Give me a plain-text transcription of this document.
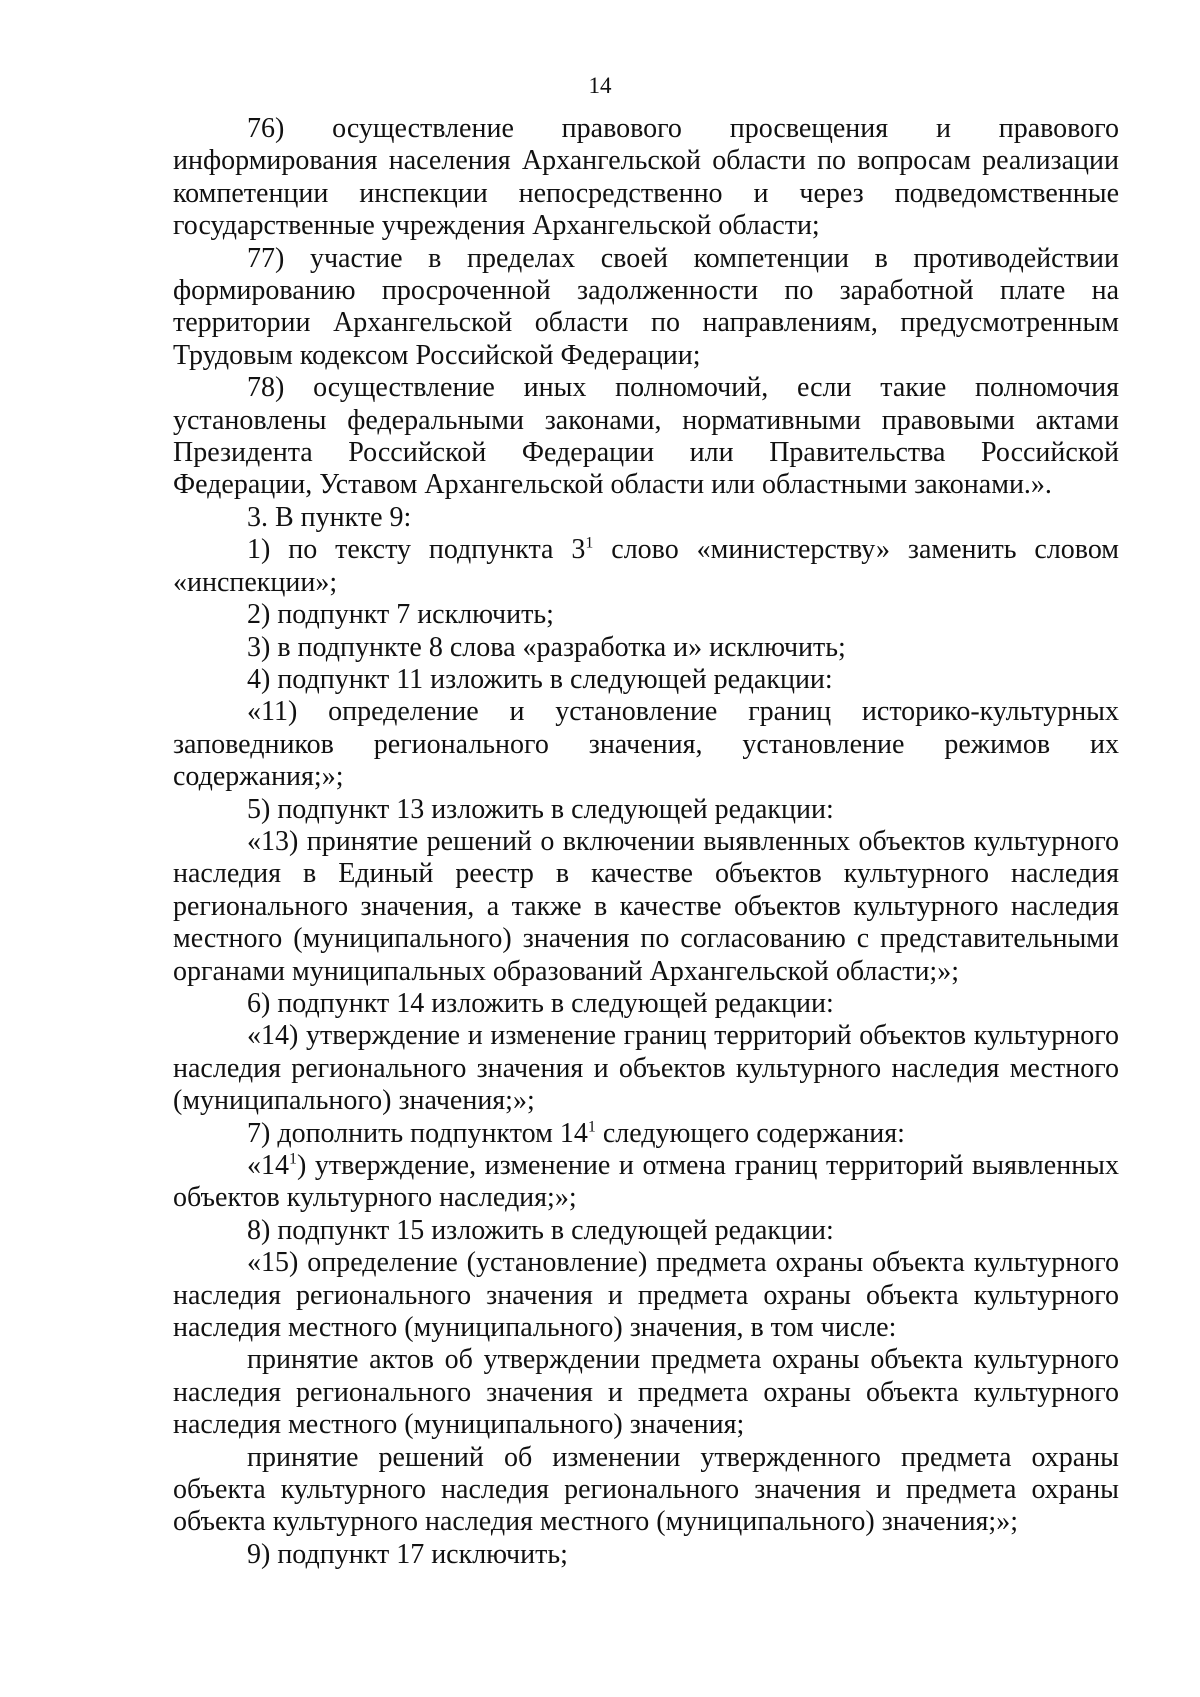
14

76) осуществление правового просвещения и правового информирования населения Архангельской области по вопросам реализации компетенции инспекции непосредственно и через подведомственные государственные учреждения Архангельской области;

77) участие в пределах своей компетенции в противодействии формированию просроченной задолженности по заработной плате на территории Архангельской области по направлениям, предусмотренным Трудовым кодексом Российской Федерации;

78) осуществление иных полномочий, если такие полномочия установлены федеральными законами, нормативными правовыми актами Президента Российской Федерации или Правительства Российской Федерации, Уставом Архангельской области или областными законами.».

3. В пункте 9:

1) по тексту подпункта $3^1$ слово «министерству» заменить словом «инспекции»;

2) подпункт 7 исключить;

3) в подпункте 8 слова «разработка и» исключить;

4) подпункт 11 изложить в следующей редакции:

«11) определение и установление границ историко-культурных заповедников регионального значения, установление режимов их содержания;»;

5) подпункт 13 изложить в следующей редакции:

«13) принятие решений о включении выявленных объектов культурного наследия в Единый реестр в качестве объектов культурного наследия регионального значения, а также в качестве объектов культурного наследия местного (муниципального) значения по согласованию с представительными органами муниципальных образований Архангельской области;»;

6) подпункт 14 изложить в следующей редакции:

«14) утверждение и изменение границ территорий объектов культурного наследия регионального значения и объектов культурного наследия местного (муниципального) значения;»;

7) дополнить подпунктом $14^1$ следующего содержания:

«$14^1$) утверждение, изменение и отмена границ территорий выявленных объектов культурного наследия;»;

8) подпункт 15 изложить в следующей редакции:

«15) определение (установление) предмета охраны объекта культурного наследия регионального значения и предмета охраны объекта культурного наследия местного (муниципального) значения, в том числе:

принятие актов об утверждении предмета охраны объекта культурного наследия регионального значения и предмета охраны объекта культурного наследия местного (муниципального) значения;

принятие решений об изменении утвержденного предмета охраны объекта культурного наследия регионального значения и предмета охраны объекта культурного наследия местного (муниципального) значения;»;

9) подпункт 17 исключить;
